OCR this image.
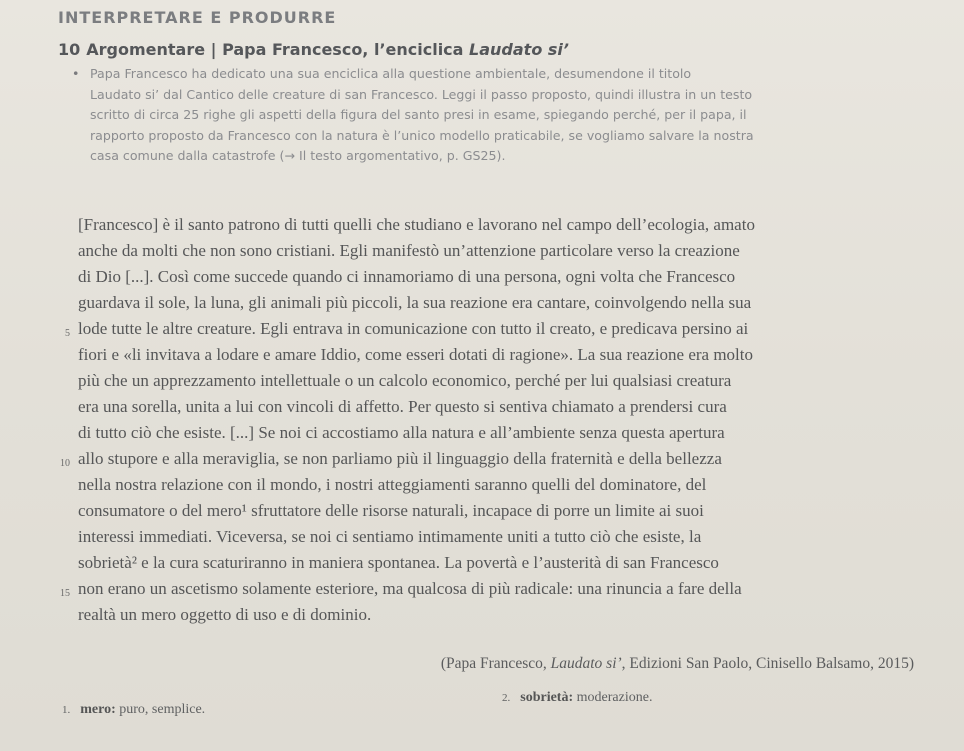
INTERPRETARE E PRODURRE
10 Argomentare | Papa Francesco, l’enciclica Laudato si’
• Papa Francesco ha dedicato una sua enciclica alla questione ambientale, desumendone il titolo
Laudato si’ dal Cantico delle creature di san Francesco. Leggi il passo proposto, quindi illustra in un testo
scritto di circa 25 righe gli aspetti della figura del santo presi in esame, spiegando perché, per il papa, il
rapporto proposto da Francesco con la natura è l’unico modello praticabile, se vogliamo salvare la nostra
casa comune dalla catastrofe (→ Il testo argomentativo, p. GS25).
[Francesco] è il santo patrono di tutti quelli che studiano e lavorano nel campo dell’ecologia, amato
anche da molti che non sono cristiani. Egli manifestò un’attenzione particolare verso la creazione
di Dio [...]. Così come succede quando ci innamoriamo di una persona, ogni volta che Francesco
guardava il sole, la luna, gli animali più piccoli, la sua reazione era cantare, coinvolgendo nella sua
5 lode tutte le altre creature. Egli entrava in comunicazione con tutto il creato, e predicava persino ai
fiori e «li invitava a lodare e amare Iddio, come esseri dotati di ragione». La sua reazione era molto
più che un apprezzamento intellettuale o un calcolo economico, perché per lui qualsiasi creatura
era una sorella, unita a lui con vincoli di affetto. Per questo si sentiva chiamato a prendersi cura
di tutto ciò che esiste. [...] Se noi ci accostiamo alla natura e all’ambiente senza questa apertura
10 allo stupore e alla meraviglia, se non parliamo più il linguaggio della fraternità e della bellezza
nella nostra relazione con il mondo, i nostri atteggiamenti saranno quelli del dominatore, del
consumatore o del mero¹ sfruttatore delle risorse naturali, incapace di porre un limite ai suoi
interessi immediati. Viceversa, se noi ci sentiamo intimamente uniti a tutto ciò che esiste, la
sobrietà² e la cura scaturiranno in maniera spontanea. La povertà e l’austerità di san Francesco
15 non erano un ascetismo solamente esteriore, ma qualcosa di più radicale: una rinuncia a fare della
realtà un mero oggetto di uso e di dominio.
(Papa Francesco, Laudato si’, Edizioni San Paolo, Cinisello Balsamo, 2015)
1. mero: puro, semplice.
2. sobrietà: moderazione.
